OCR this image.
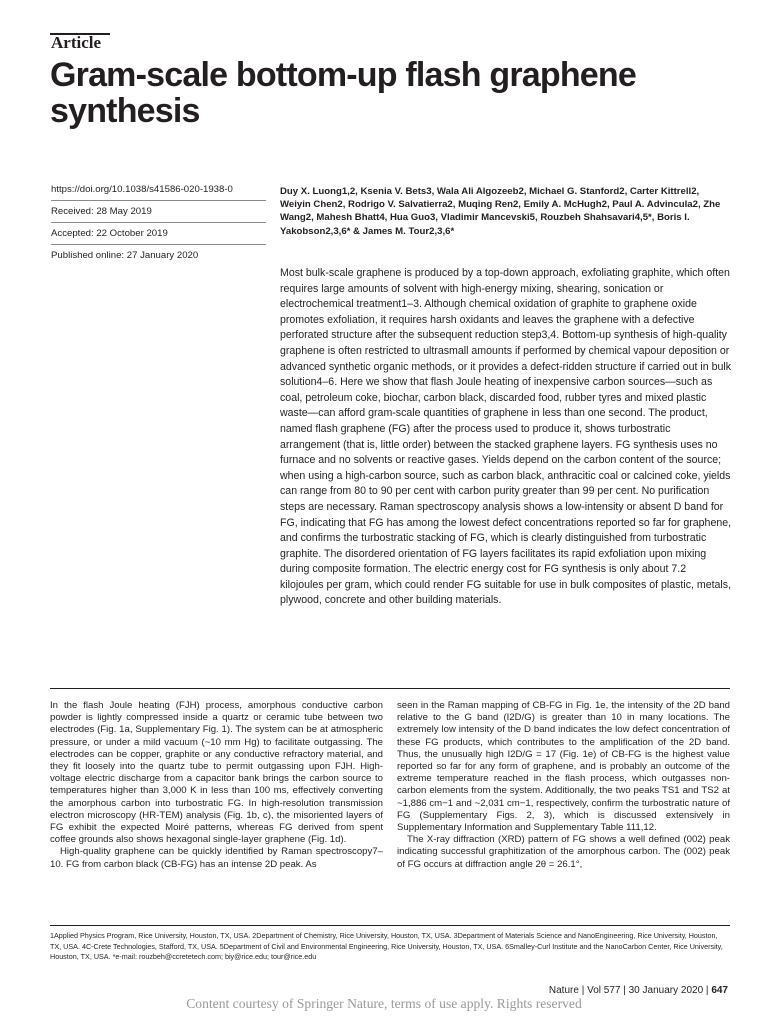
Article
Gram-scale bottom-up flash graphene synthesis
https://doi.org/10.1038/s41586-020-1938-0
Received: 28 May 2019
Accepted: 22 October 2019
Published online: 27 January 2020
Duy X. Luong1,2, Ksenia V. Bets3, Wala Ali Algozeeb2, Michael G. Stanford2, Carter Kittrell2, Weiyin Chen2, Rodrigo V. Salvatierra2, Muqing Ren2, Emily A. McHugh2, Paul A. Advincula2, Zhe Wang2, Mahesh Bhatt4, Hua Guo3, Vladimir Mancevski5, Rouzbeh Shahsavari4,5*, Boris I. Yakobson2,3,6* & James M. Tour2,3,6*
Most bulk-scale graphene is produced by a top-down approach, exfoliating graphite, which often requires large amounts of solvent with high-energy mixing, shearing, sonication or electrochemical treatment1–3. Although chemical oxidation of graphite to graphene oxide promotes exfoliation, it requires harsh oxidants and leaves the graphene with a defective perforated structure after the subsequent reduction step3,4. Bottom-up synthesis of high-quality graphene is often restricted to ultrasmall amounts if performed by chemical vapour deposition or advanced synthetic organic methods, or it provides a defect-ridden structure if carried out in bulk solution4–6. Here we show that flash Joule heating of inexpensive carbon sources—such as coal, petroleum coke, biochar, carbon black, discarded food, rubber tyres and mixed plastic waste—can afford gram-scale quantities of graphene in less than one second. The product, named flash graphene (FG) after the process used to produce it, shows turbostratic arrangement (that is, little order) between the stacked graphene layers. FG synthesis uses no furnace and no solvents or reactive gases. Yields depend on the carbon content of the source; when using a high-carbon source, such as carbon black, anthracitic coal or calcined coke, yields can range from 80 to 90 per cent with carbon purity greater than 99 per cent. No purification steps are necessary. Raman spectroscopy analysis shows a low-intensity or absent D band for FG, indicating that FG has among the lowest defect concentrations reported so far for graphene, and confirms the turbostratic stacking of FG, which is clearly distinguished from turbostratic graphite. The disordered orientation of FG layers facilitates its rapid exfoliation upon mixing during composite formation. The electric energy cost for FG synthesis is only about 7.2 kilojoules per gram, which could render FG suitable for use in bulk composites of plastic, metals, plywood, concrete and other building materials.

In the flash Joule heating (FJH) process, amorphous conductive carbon powder is lightly compressed inside a quartz or ceramic tube between two electrodes (Fig. 1a, Supplementary Fig. 1). The system can be at atmospheric pressure, or under a mild vacuum (~10 mm Hg) to facilitate outgassing. The electrodes can be copper, graphite or any conductive refractory material, and they fit loosely into the quartz tube to permit outgassing upon FJH. High-voltage electric discharge from a capacitor bank brings the carbon source to temperatures higher than 3,000 K in less than 100 ms, effectively converting the amorphous carbon into turbostratic FG. In high-resolution transmission electron microscopy (HR-TEM) analysis (Fig. 1b, c), the misoriented layers of FG exhibit the expected Moiré patterns, whereas FG derived from spent coffee grounds also shows hexagonal single-layer graphene (Fig. 1d).

High-quality graphene can be quickly identified by Raman spectroscopy7–10. FG from carbon black (CB-FG) has an intense 2D peak. As

seen in the Raman mapping of CB-FG in Fig. 1e, the intensity of the 2D band relative to the G band (I2D/G) is greater than 10 in many locations. The extremely low intensity of the D band indicates the low defect concentration of these FG products, which contributes to the amplification of the 2D band. Thus, the unusually high I2D/G = 17 (Fig. 1e) of CB-FG is the highest value reported so far for any form of graphene, and is probably an outcome of the extreme temperature reached in the flash process, which outgasses non-carbon elements from the system. Additionally, the two peaks TS1 and TS2 at ~1,886 cm−1 and ~2,031 cm−1, respectively, confirm the turbostratic nature of FG (Supplementary Figs. 2, 3), which is discussed extensively in Supplementary Information and Supplementary Table 111,12.

The X-ray diffraction (XRD) pattern of FG shows a well defined (002) peak indicating successful graphitization of the amorphous carbon. The (002) peak of FG occurs at diffraction angle 2θ = 26.1°,

1Applied Physics Program, Rice University, Houston, TX, USA. 2Department of Chemistry, Rice University, Houston, TX, USA. 3Department of Materials Science and NanoEngineering, Rice University, Houston, TX, USA. 4C-Crete Technologies, Stafford, TX, USA. 5Department of Civil and Environmental Engineering, Rice University, Houston, TX, USA. 6Smalley-Curl Institute and the NanoCarbon Center, Rice University, Houston, TX, USA. *e-mail: rouzbeh@ccretetech.com; biy@rice.edu; tour@rice.edu
Nature | Vol 577 | 30 January 2020 | 647
Content courtesy of Springer Nature, terms of use apply. Rights reserved
